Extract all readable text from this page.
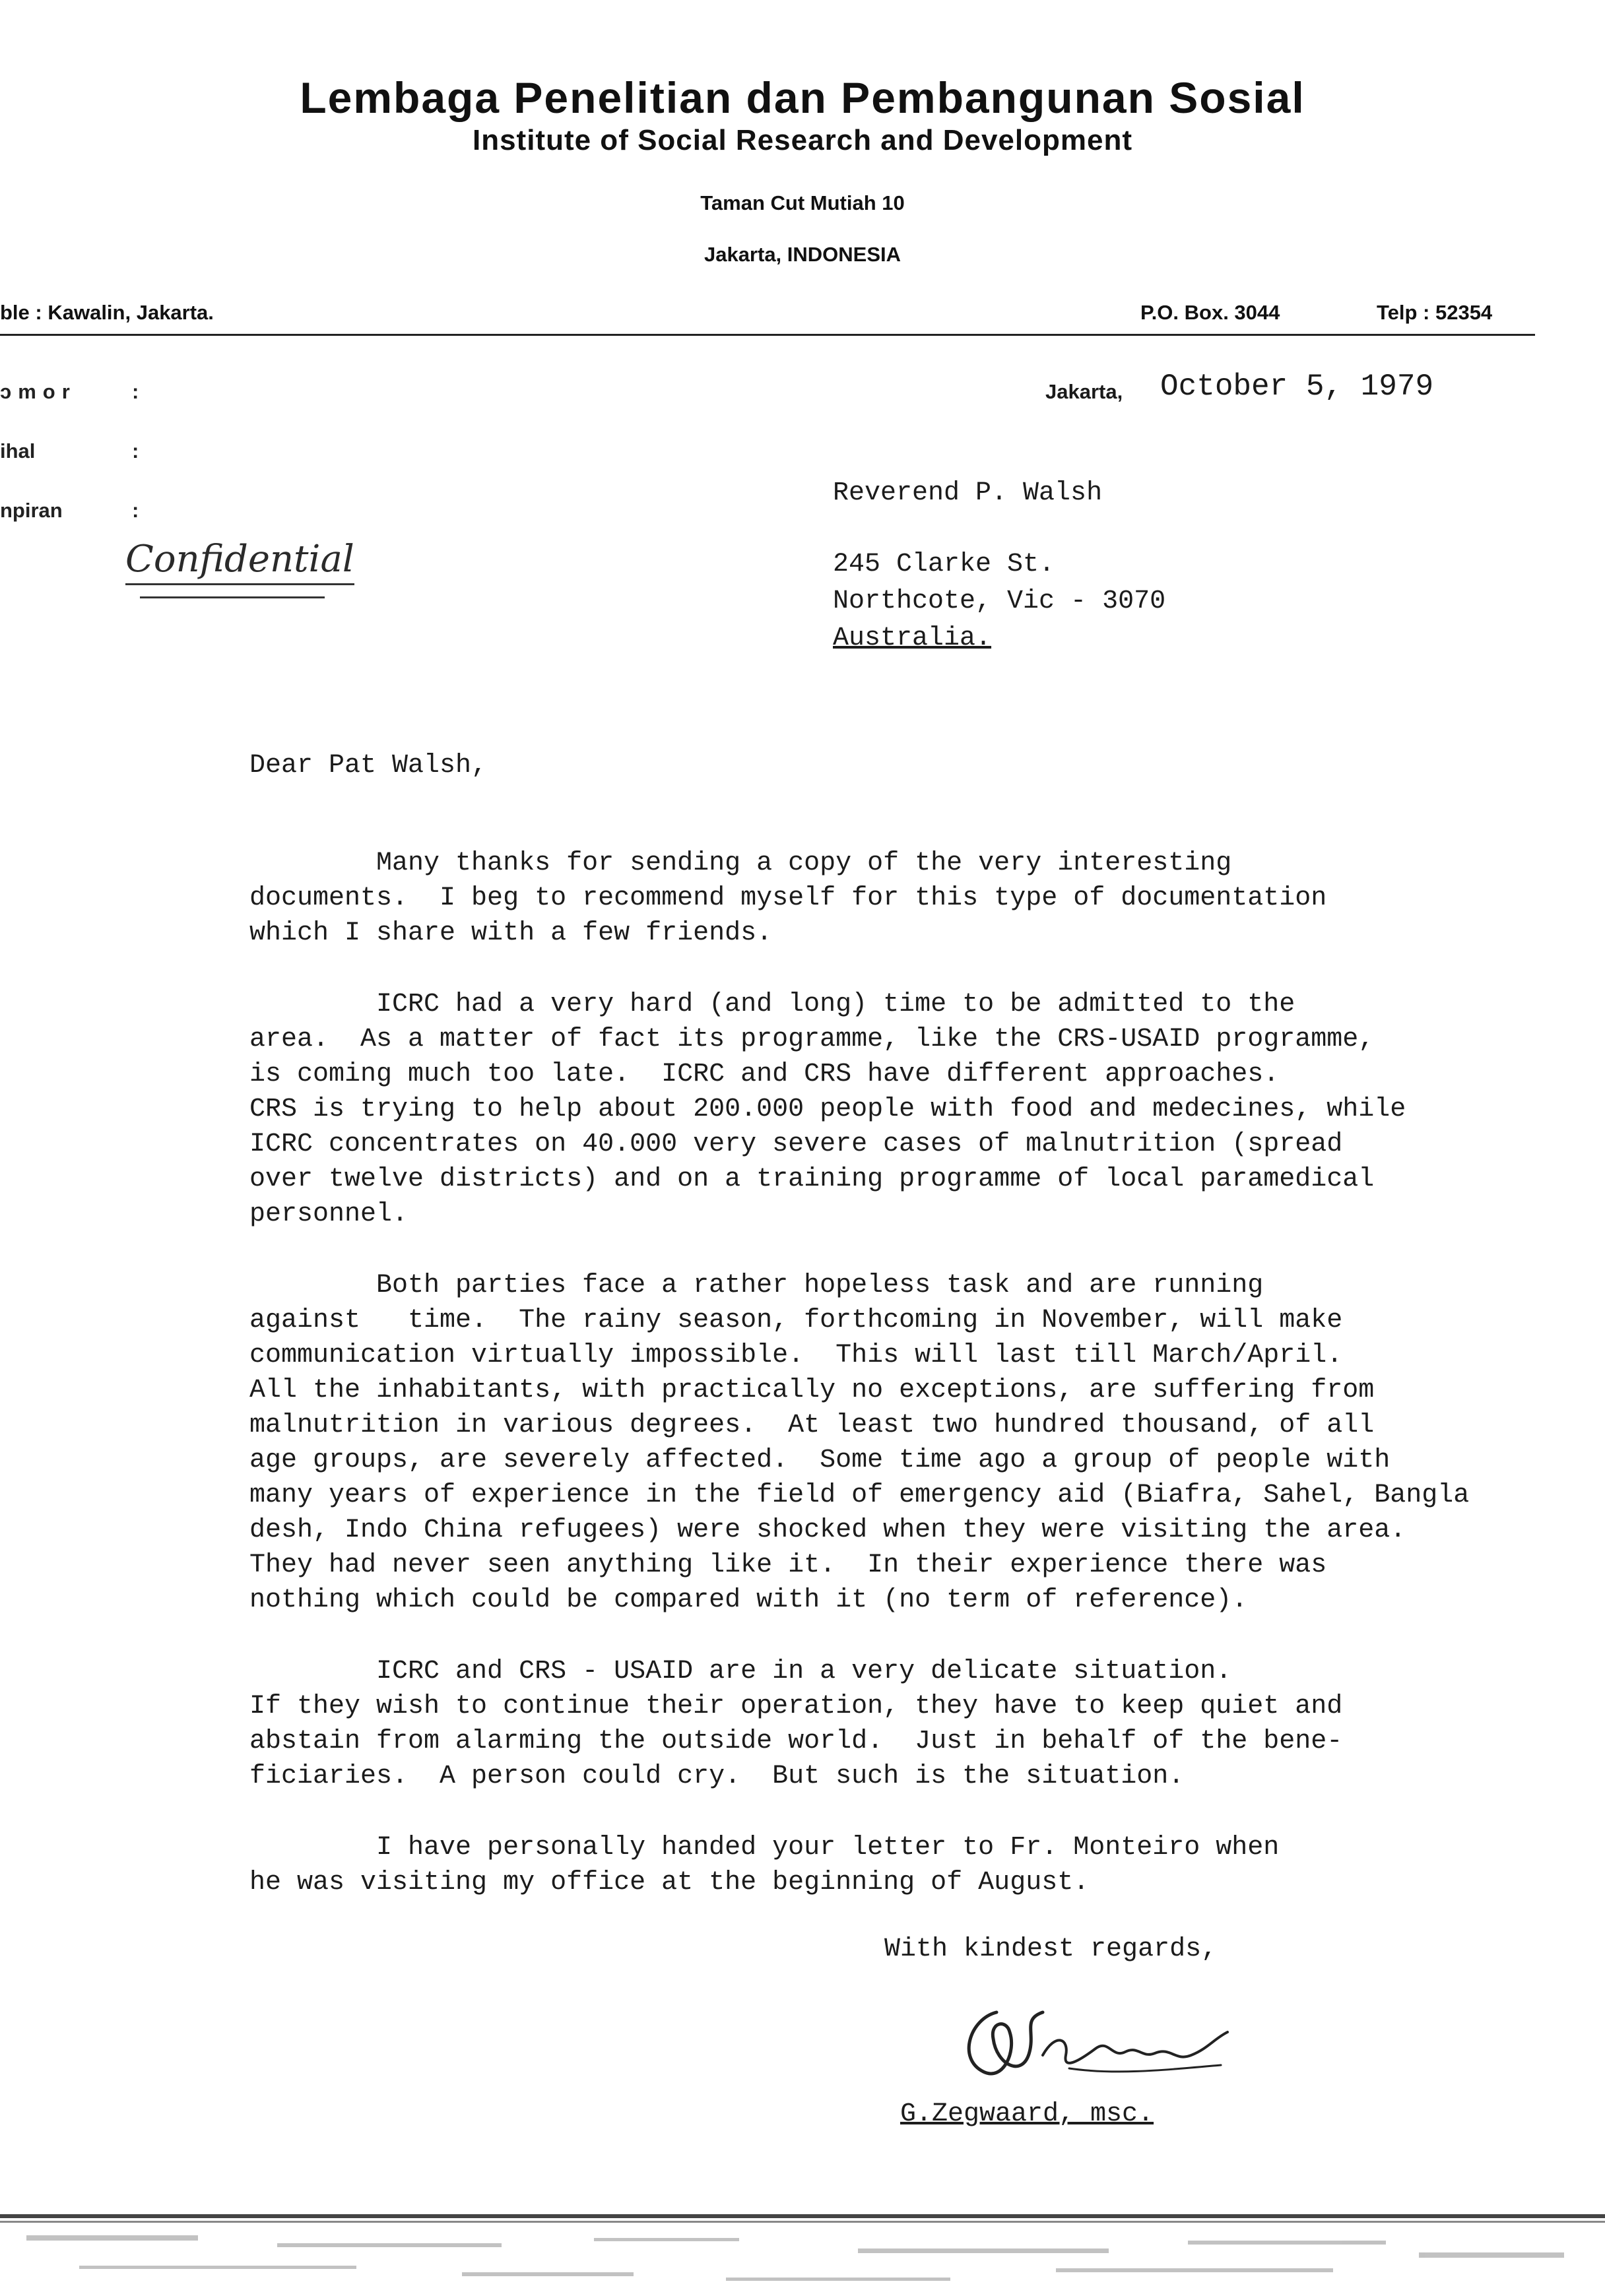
Lembaga Penelitian dan Pembangunan Sosial
Institute of Social Research and Development
Taman Cut Mutiah 10
Jakarta, INDONESIA
ble : Kawalin, Jakarta.	P.O. Box. 3044	Telp : 52354
ɔmor	:
ihal	:
npiran	:
Jakarta, October 5, 1979
Confidential
Reverend P. Walsh
245 Clarke St.
Northcote, Vic - 3070
Australia.
Dear Pat Walsh,

Many thanks for sending a copy of the very interesting
documents.  I beg to recommend myself for this type of documentation
which I share with a few friends.

ICRC had a very hard (and long) time to be admitted to the
area.  As a matter of fact its programme, like the CRS-USAID programme,
is coming much too late.  ICRC and CRS have different approaches.
CRS is trying to help about 200.000 people with food and medecines, while
ICRC concentrates on 40.000 very severe cases of malnutrition (spread
over twelve districts) and on a training programme of local paramedical
personnel.

Both parties face a rather hopeless task and are running
against   time.  The rainy season, forthcoming in November, will make
communication virtually impossible.  This will last till March/April.
All the inhabitants, with practically no exceptions, are suffering from
malnutrition in various degrees.  At least two hundred thousand, of all
age groups, are severely affected.  Some time ago a group of people with
many years of experience in the field of emergency aid (Biafra, Sahel, Bangla
desh, Indo China refugees) were shocked when they were visiting the area.
They had never seen anything like it.  In their experience there was
nothing which could be compared with it (no term of reference).

ICRC and CRS - USAID are in a very delicate situation.
If they wish to continue their operation, they have to keep quiet and
abstain from alarming the outside world.  Just in behalf of the bene-
ficiaries.  A person could cry.  But such is the situation.

I have personally handed your letter to Fr. Monteiro when
he was visiting my office at the beginning of August.

With kindest regards,
G.Zegwaard, msc.
